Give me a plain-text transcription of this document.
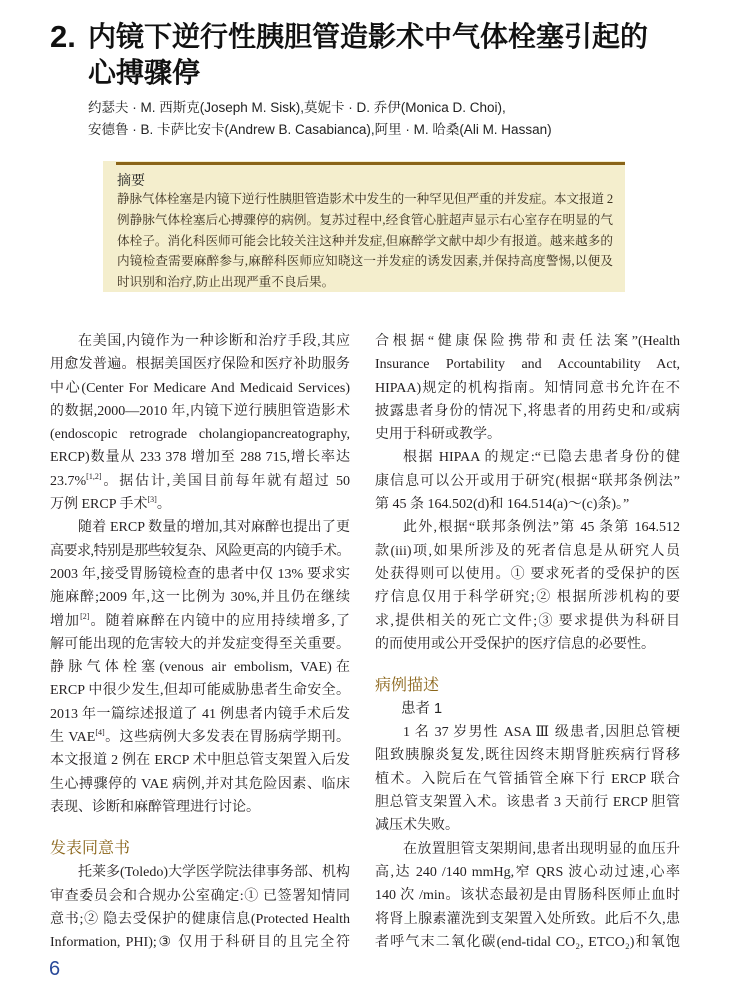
2. 内镜下逆行性胰胆管造影术中气体栓塞引起的
心搏骤停
约瑟夫 · M. 西斯克(Joseph M. Sisk),莫妮卡 · D. 乔伊(Monica D. Choi),
安德鲁 · B. 卡萨比安卡(Andrew B. Casabianca),阿里 · M. 哈桑(Ali M. Hassan)
摘要
静脉气体栓塞是内镜下逆行性胰胆管造影术中发生的一种罕见但严重的并发症。本文报道 2
例静脉气体栓塞后心搏骤停的病例。复苏过程中,经食管心脏超声显示右心室存在明显的气
体栓子。消化科医师可能会比较关注这种并发症,但麻醉学文献中却少有报道。越来越多的
内镜检查需要麻醉参与,麻醉科医师应知晓这一并发症的诱发因素,并保持高度警惕,以便及
时识别和治疗,防止出现严重不良后果。
在美国,内镜作为一种诊断和治疗手段,其应
用愈发普遍。根据美国医疗保险和医疗补助服务
中心(Center For Medicare And Medicaid Services)
的数据,2000—2010 年,内镜下逆行胰胆管造影术
(endoscopic retrograde cholangiopancreatography,
ERCP)数量从 233 378 增加至 288 715,增长率达
23.7%[1,2]。据估计,美国目前每年就有超过 50
万例 ERCP 手术[3]。
随着 ERCP 数量的增加,其对麻醉也提出了更
高要求,特别是那些较复杂、风险更高的内镜手术。
2003 年,接受胃肠镜检查的患者中仅 13% 要求实
施麻醉;2009 年,这一比例为 30%,并且仍在继续
增加[2]。随着麻醉在内镜中的应用持续增多,了
解可能出现的危害较大的并发症变得至关重要。
静脉气体栓塞(venous air embolism, VAE)在
ERCP 中很少发生,但却可能威胁患者生命安全。
2013 年一篇综述报道了 41 例患者内镜手术后发
生 VAE[4]。这些病例大多发表在胃肠病学期刊。
本文报道 2 例在 ERCP 术中胆总管支架置入后发
生心搏骤停的 VAE 病例,并对其危险因素、临床
表现、诊断和麻醉管理进行讨论。
发表同意书
托莱多(Toledo)大学医学院法律事务部、机构
审查委员会和合规办公室确定:① 已签署知情同
意书;② 隐去受保护的健康信息(Protected Health
Information, PHI);③ 仅用于科研目的且完全符
合根据“健康保险携带和责任法案”(Health
Insurance Portability and Accountability Act,
HIPAA)规定的机构指南。知情同意书允许在不
披露患者身份的情况下,将患者的用药史和/或病
史用于科研或教学。
根据 HIPAA 的规定:“已隐去患者身份的健
康信息可以公开或用于研究(根据“联邦条例法”
第 45 条 164.502(d)和 164.514(a)～(c)条)。”
此外,根据“联邦条例法”第 45 条第 164.512
款(iii)项,如果所涉及的死者信息是从研究人员
处获得则可以使用。① 要求死者的受保护的医
疗信息仅用于科学研究;② 根据所涉机构的要
求,提供相关的死亡文件;③ 要求提供为科研目
的而使用或公开受保护的医疗信息的必要性。
病例描述
患者 1
1 名 37 岁男性 ASA Ⅲ 级患者,因胆总管梗
阻致胰腺炎复发,既往因终末期肾脏疾病行肾移
植术。入院后在气管插管全麻下行 ERCP 联合
胆总管支架置入术。该患者 3 天前行 ERCP 胆管
减压术失败。
在放置胆管支架期间,患者出现明显的血压升
高,达 240 /140 mmHg,窄 QRS 波心动过速,心率
140 次 /min。该状态最初是由胃肠科医师止血时
将肾上腺素灌洗到支架置入处所致。此后不久,患
者呼气末二氧化碳(end-tidal CO₂, ETCO₂)和氧饱
6
